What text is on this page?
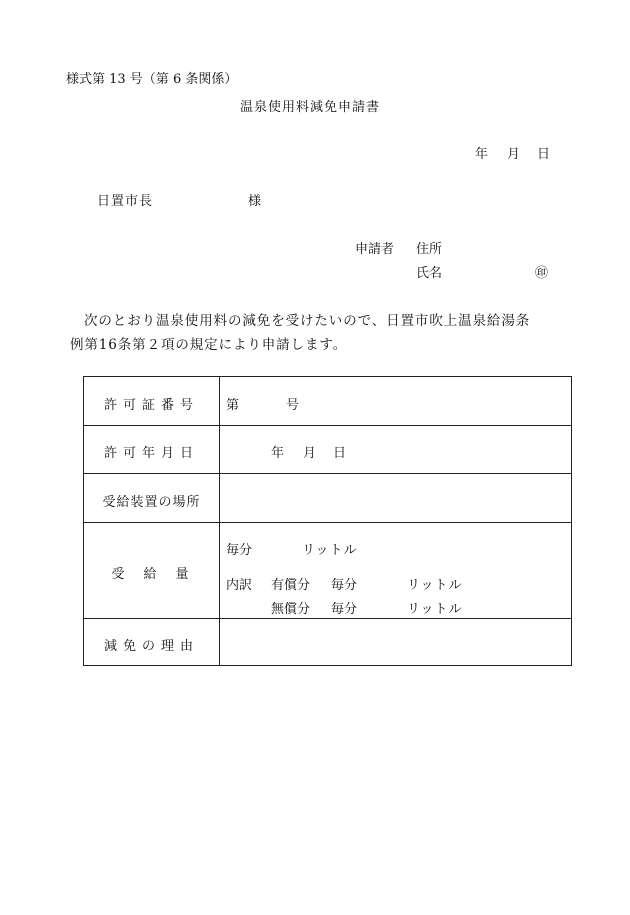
様式第 13 号（第 6 条関係）
温泉使用料減免申請書
年 月 日
日置市長	様
申請者 住所
氏名	㊞
次のとおり温泉使用料の減免を受けたいので、日置市吹上温泉給湯条
例第16条第２項の規定により申請します。
許可証番号	第	号
許可年月日	年 月 日
受給装置の場所
受　給　量
毎分	リットル
内訳 有償分 毎分	リットル
無償分 毎分	リットル
減免の理由
